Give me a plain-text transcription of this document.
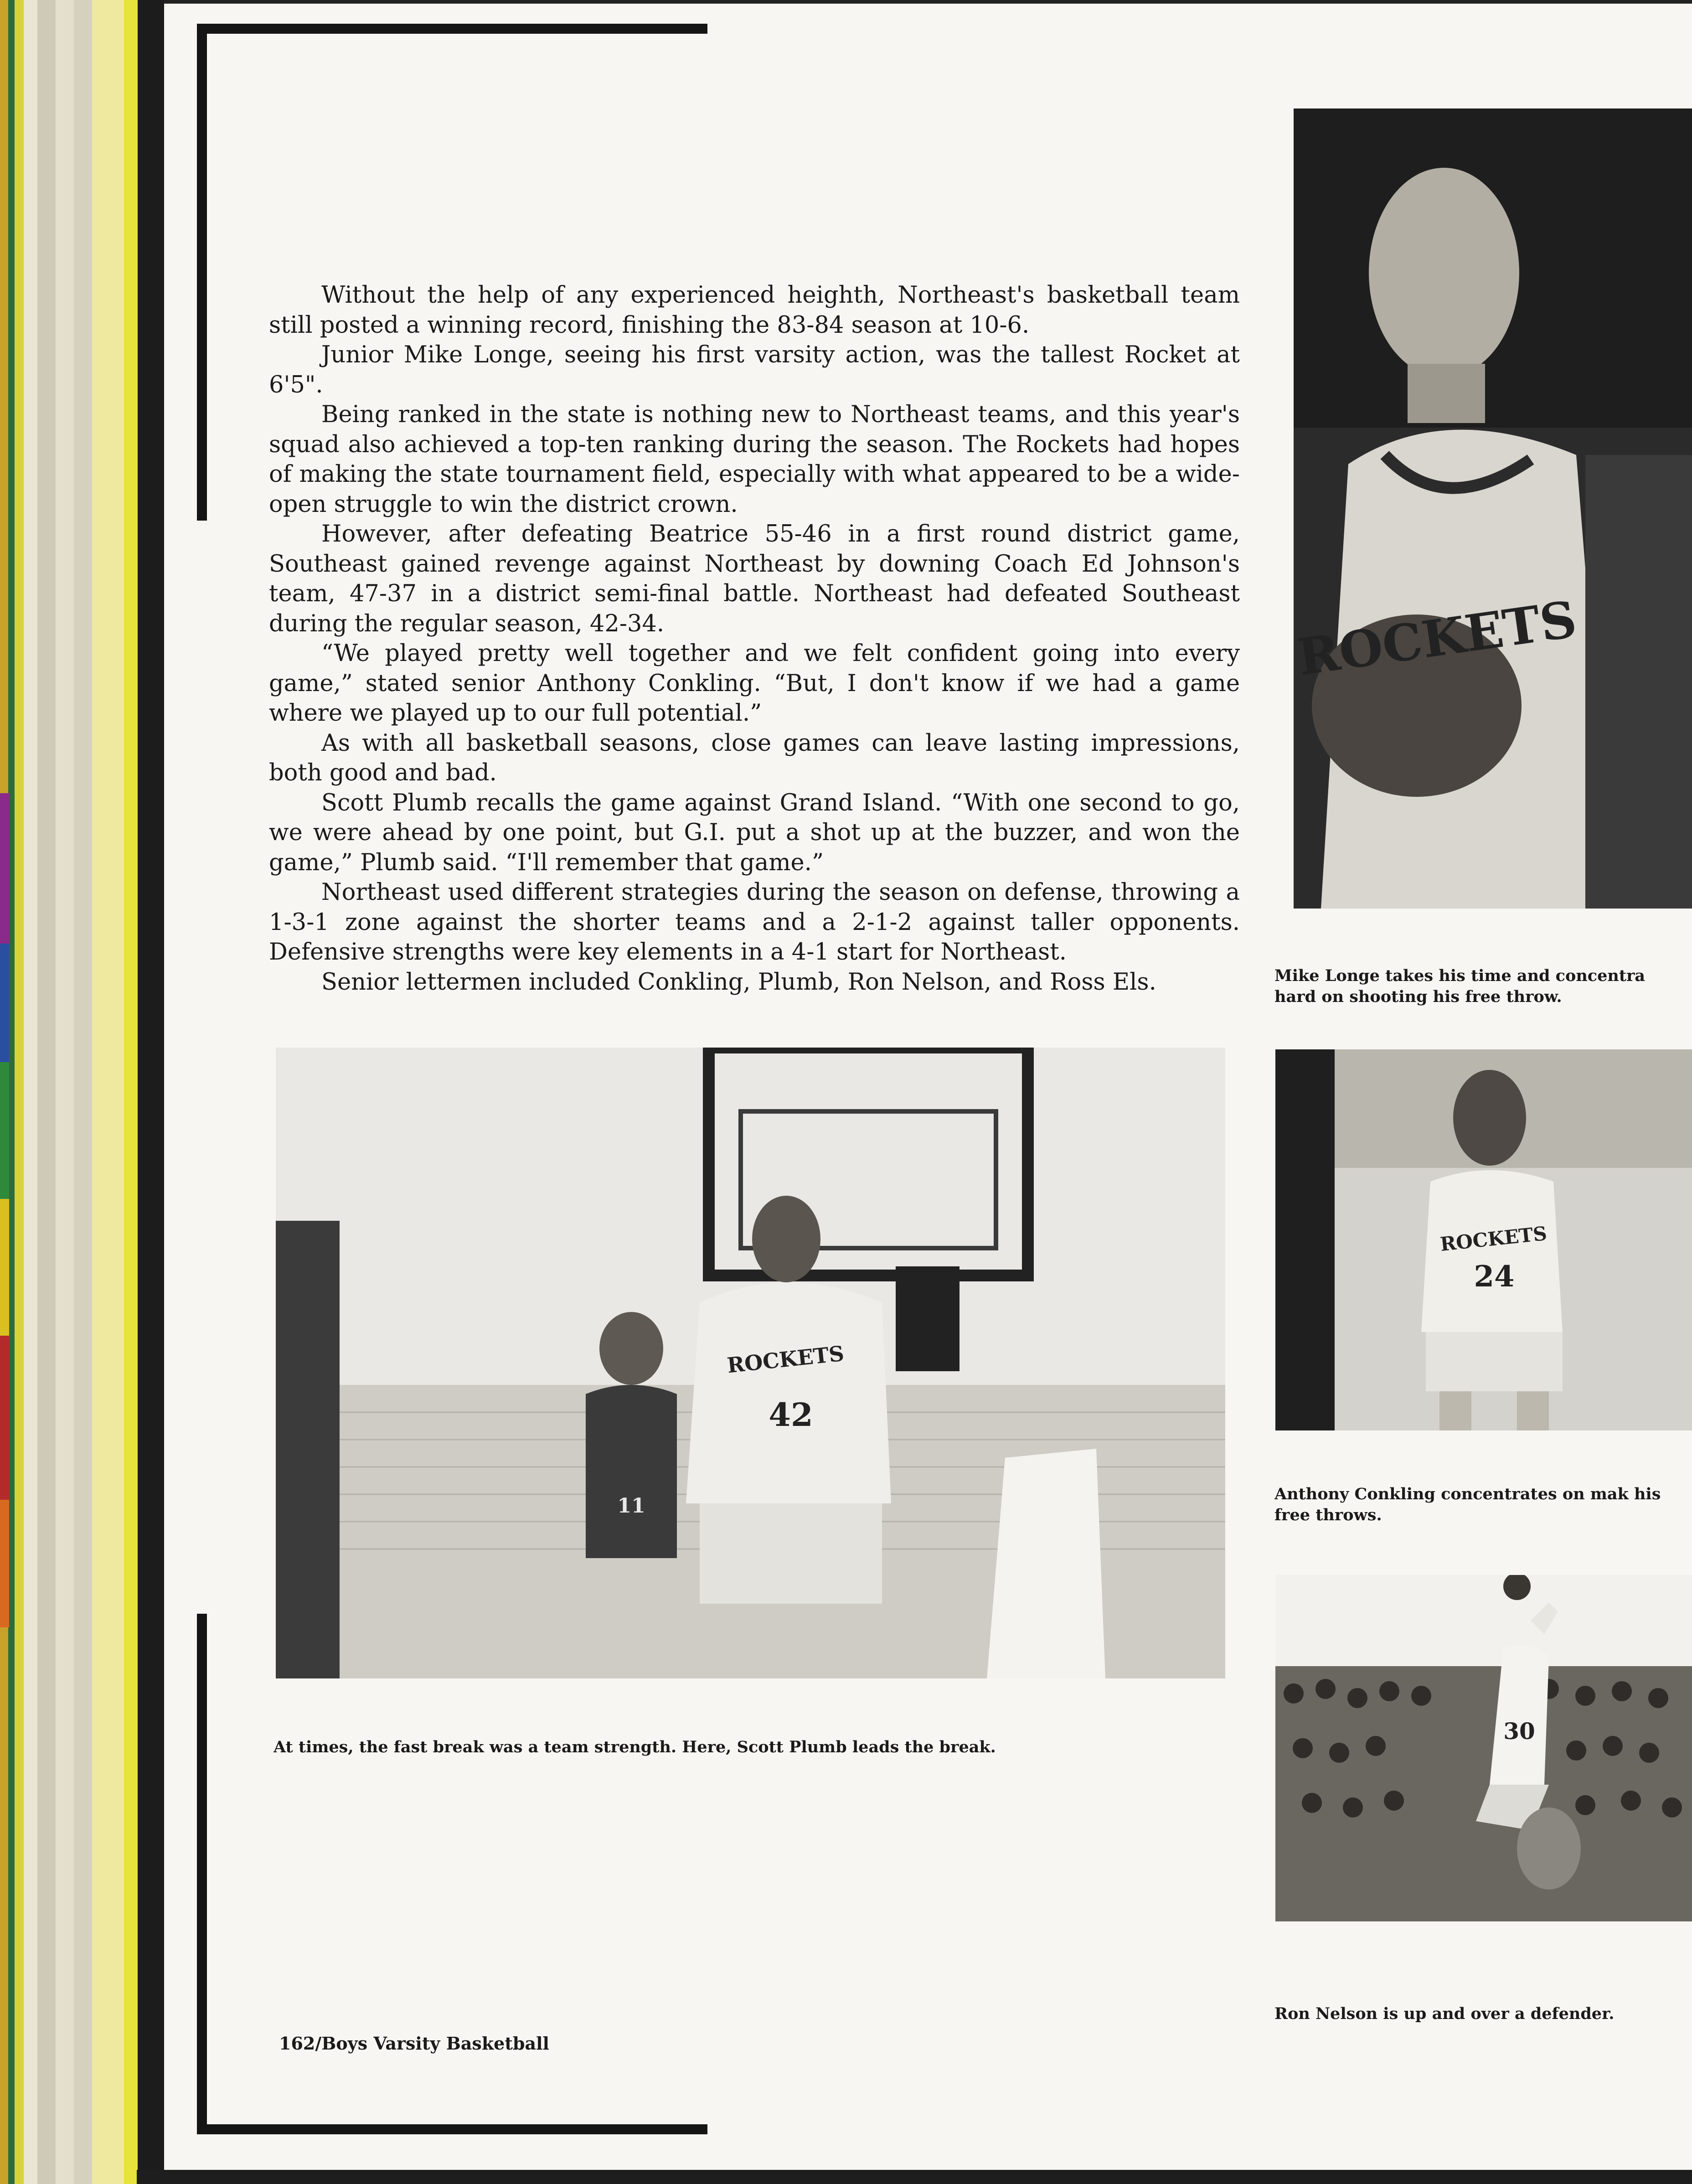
Without the help of any experienced heighth, Northeast's basketball team still posted a winning record, finishing the 83-84 season at 10-6.

Junior Mike Longe, seeing his first varsity action, was the tallest Rocket at 6'5".

Being ranked in the state is nothing new to Northeast teams, and this year's squad also achieved a top-ten ranking during the season. The Rockets had hopes of making the state tournament field, especially with what appeared to be a wide-open struggle to win the district crown.

However, after defeating Beatrice 55-46 in a first round district game, Southeast gained revenge against Northeast by downing Coach Ed Johnson's team, 47-37 in a district semi-final battle. Northeast had defeated Southeast during the regular season, 42-34.

“We played pretty well together and we felt confident going into every game,” stated senior Anthony Conkling. “But, I don't know if we had a game where we played up to our full potential.”

As with all basketball seasons, close games can leave lasting impressions, both good and bad.

Scott Plumb recalls the game against Grand Island. “With one second to go, we were ahead by one point, but G.I. put a shot up at the buzzer, and won the game,” Plumb said. “I'll remember that game.”

Northeast used different strategies during the season on defense, throwing a 1-3-1 zone against the shorter teams and a 2-1-2 against taller opponents. Defensive strengths were key elements in a 4-1 start for Northeast.

Senior lettermen included Conkling, Plumb, Ron Nelson, and Ross Els.

ROCKETS
Mike Longe takes his time and concentra hard on shooting his free throw.
42
ROCKETS
11
At times, the fast break was a team strength. Here, Scott Plumb leads the break.
24
ROCKETS
Anthony Conkling concentrates on mak his free throws.
30
Ron Nelson is up and over a defender.
162/Boys Varsity Basketball
